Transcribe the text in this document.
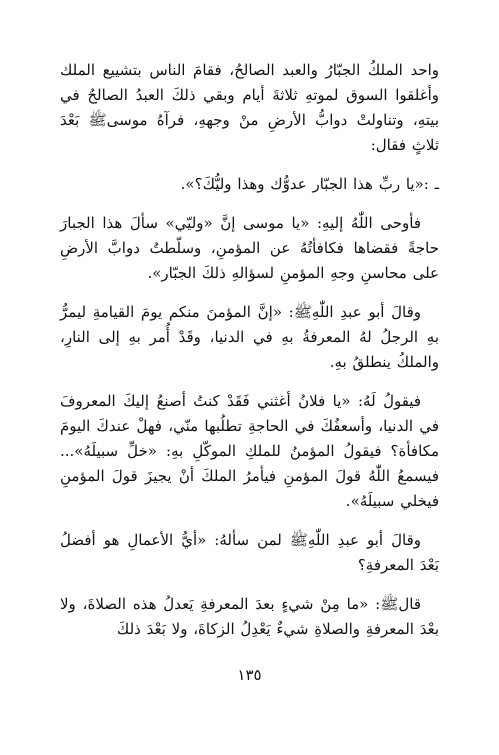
واحد الملكُ الجبّارُ والعبد الصالحُ، فقامَ الناس بتشييع الملك وأغلقوا السوق لموتهِ ثلاثةَ أيام وبقي ذلكَ العبدُ الصالحُ في بيتهِ، وتناولتْ دوابُّ الأرضِ منْ وجههِ، فرآهُ موسىﷺ بَعْدَ ثلاثٍ فقال:

ـ :«يا ربِّ هذا الجبّار عدوُّك وهذا وليُّكَ؟».

فأوحى اللّٰهُ إليهِ: «يا موسى إنَّ «وليّي» سألَ هذا الجبارَ حاجةً فقضاها فكافأتُهُ عن المؤمنِ، وسلّطتُ دوابَّ الأرضِ على محاسنِ وجهِ المؤمنِ لسؤالهِ ذلكَ الجبّار».

وقالَ أبو عبدِ اللّٰهِﷺ: «إنَّ المؤمنَ منكم يومَ القيامةِ ليمرُّ بهِ الرجلُ لهُ المعرفةُ بهِ في الدنيا، وقَدْ أُمر بهِ إلى النارِ، والملكُ ينطلقُ بهِ.

فيقولُ لَهُ: «يا فلانُ أغثني فَقَدْ كنتُ أصنعُ إليكَ المعروفَ في الدنيا، وأسعفُكَ في الحاجةِ تطلُبها منّي، فهلْ عندكَ اليومَ مكافأة؟ فيقولُ المؤمنُ للملكِ الموكّلِ بهِ: «خلِّ سبيلَهُ»... فيسمعُ اللّٰهُ قولَ المؤمنِ فيأمرُ الملكَ أنْ يجيزَ قولَ المؤمنِ فيخلي سبيلَهُ».

وقالَ أبو عبدِ اللّٰهِﷺ لمن سألهُ: «أيُّ الأعمالِ هو أفضلُ بَعْدَ المعرفةِ؟

قالﷺ: «ما مِنْ شيءٍ بعدَ المعرفةِ يَعدلُ هذه الصلاةَ، ولا بعْدَ المعرفةِ والصلاةِ شيءٌ يَعْدِلُ الزكاةَ، ولا بَعْدَ ذلكَ

١٣٥
